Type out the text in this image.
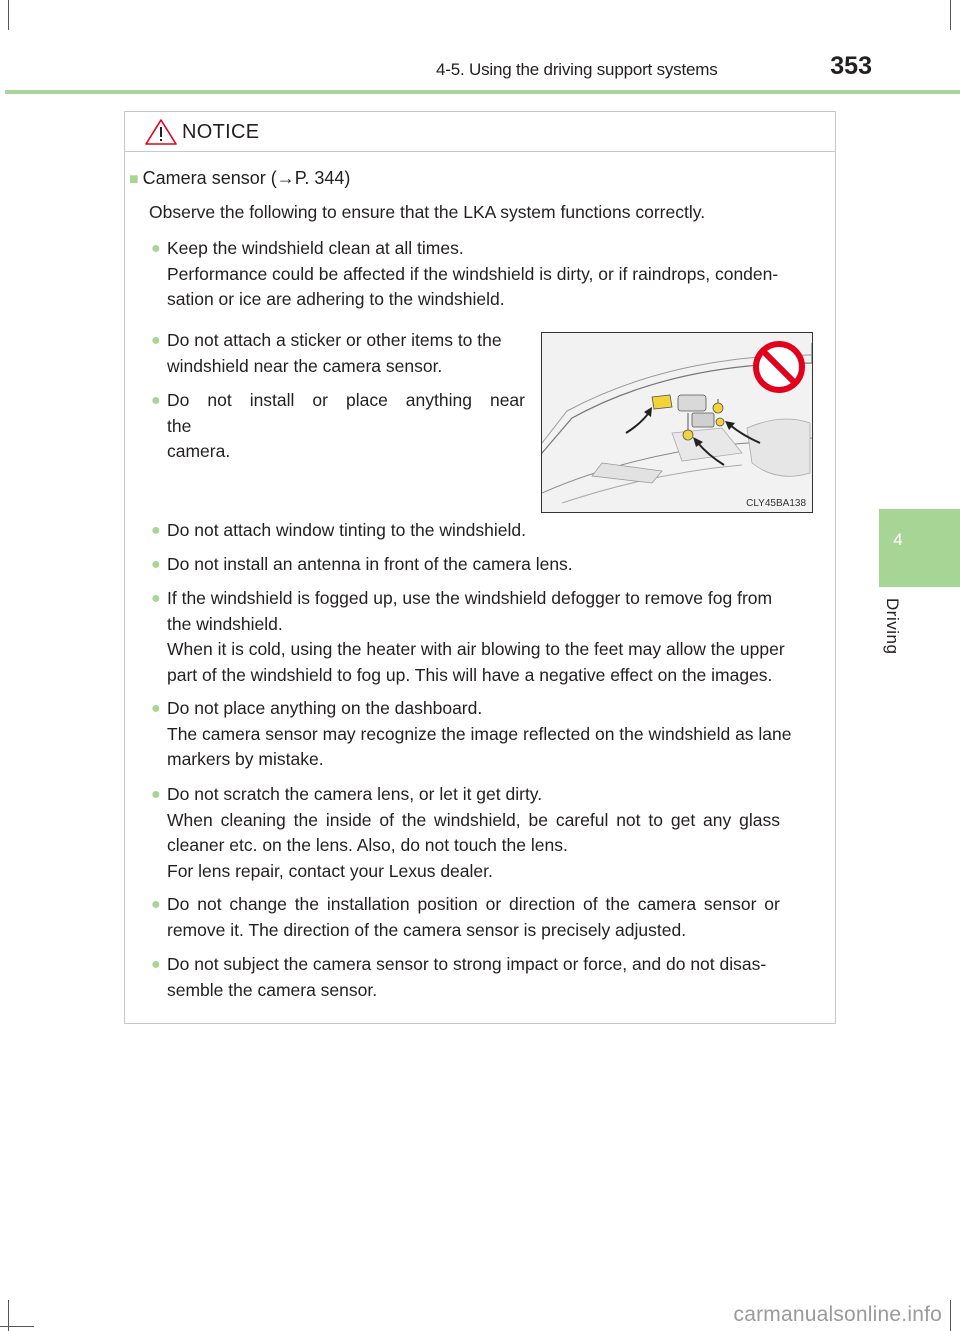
4-5. Using the driving support systems	353
4
Driving
NOTICE
■ Camera sensor (→P. 344)
Observe the following to ensure that the LKA system functions correctly.
● Keep the windshield clean at all times.
Performance could be affected if the windshield is dirty, or if raindrops, conden-
sation or ice are adhering to the windshield.
● Do not attach a sticker or other items to the
windshield near the camera sensor.
● Do not install or place anything near the
camera.
CLY45BA138
● Do not attach window tinting to the windshield.
● Do not install an antenna in front of the camera lens.
● If the windshield is fogged up, use the windshield defogger to remove fog from
the windshield.
When it is cold, using the heater with air blowing to the feet may allow the upper
part of the windshield to fog up. This will have a negative effect on the images.
● Do not place anything on the dashboard.
The camera sensor may recognize the image reflected on the windshield as lane
markers by mistake.
● Do not scratch the camera lens, or let it get dirty.
When cleaning the inside of the windshield, be careful not to get any glass
cleaner etc. on the lens. Also, do not touch the lens.
For lens repair, contact your Lexus dealer.
● Do not change the installation position or direction of the camera sensor or
remove it. The direction of the camera sensor is precisely adjusted.
● Do not subject the camera sensor to strong impact or force, and do not disas-
semble the camera sensor.
carmanualsonline.info
